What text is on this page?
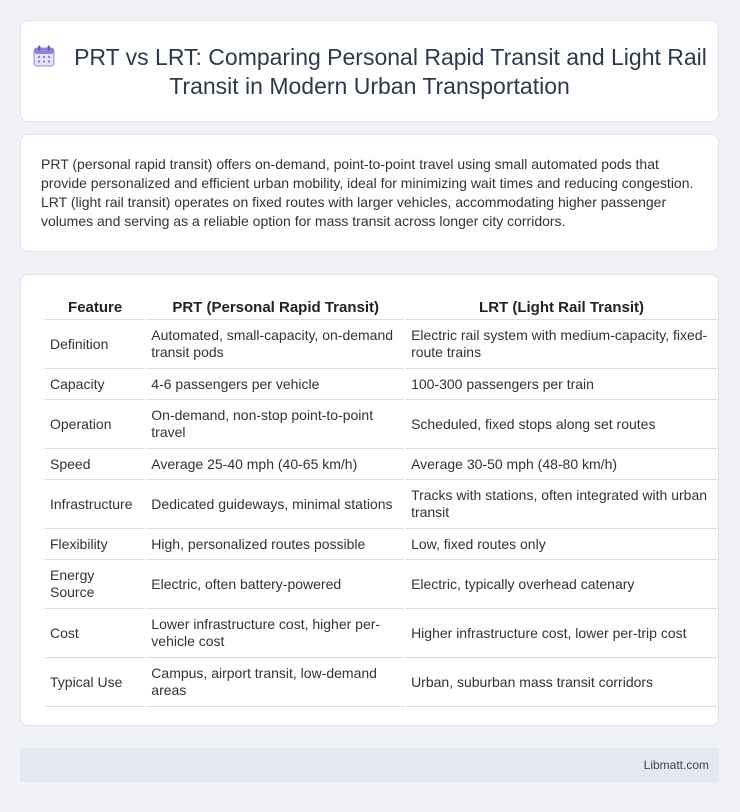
PRT vs LRT: Comparing Personal Rapid Transit and Light Rail Transit in Modern Urban Transportation

PRT (personal rapid transit) offers on-demand, point-to-point travel using small automated pods that provide personalized and efficient urban mobility, ideal for minimizing wait times and reducing congestion. LRT (light rail transit) operates on fixed routes with larger vehicles, accommodating higher passenger volumes and serving as a reliable option for mass transit across longer city corridors.

Feature	PRT (Personal Rapid Transit)	LRT (Light Rail Transit)
Definition	Automated, small-capacity, on-demand transit pods	Electric rail system with medium-capacity, fixed-route trains
Capacity	4-6 passengers per vehicle	100-300 passengers per train
Operation	On-demand, non-stop point-to-point travel	Scheduled, fixed stops along set routes
Speed	Average 25-40 mph (40-65 km/h)	Average 30-50 mph (48-80 km/h)
Infrastructure	Dedicated guideways, minimal stations	Tracks with stations, often integrated with urban transit
Flexibility	High, personalized routes possible	Low, fixed routes only
Energy Source	Electric, often battery-powered	Electric, typically overhead catenary
Cost	Lower infrastructure cost, higher per-vehicle cost	Higher infrastructure cost, lower per-trip cost
Typical Use	Campus, airport transit, low-demand areas	Urban, suburban mass transit corridors
Libmatt.com
